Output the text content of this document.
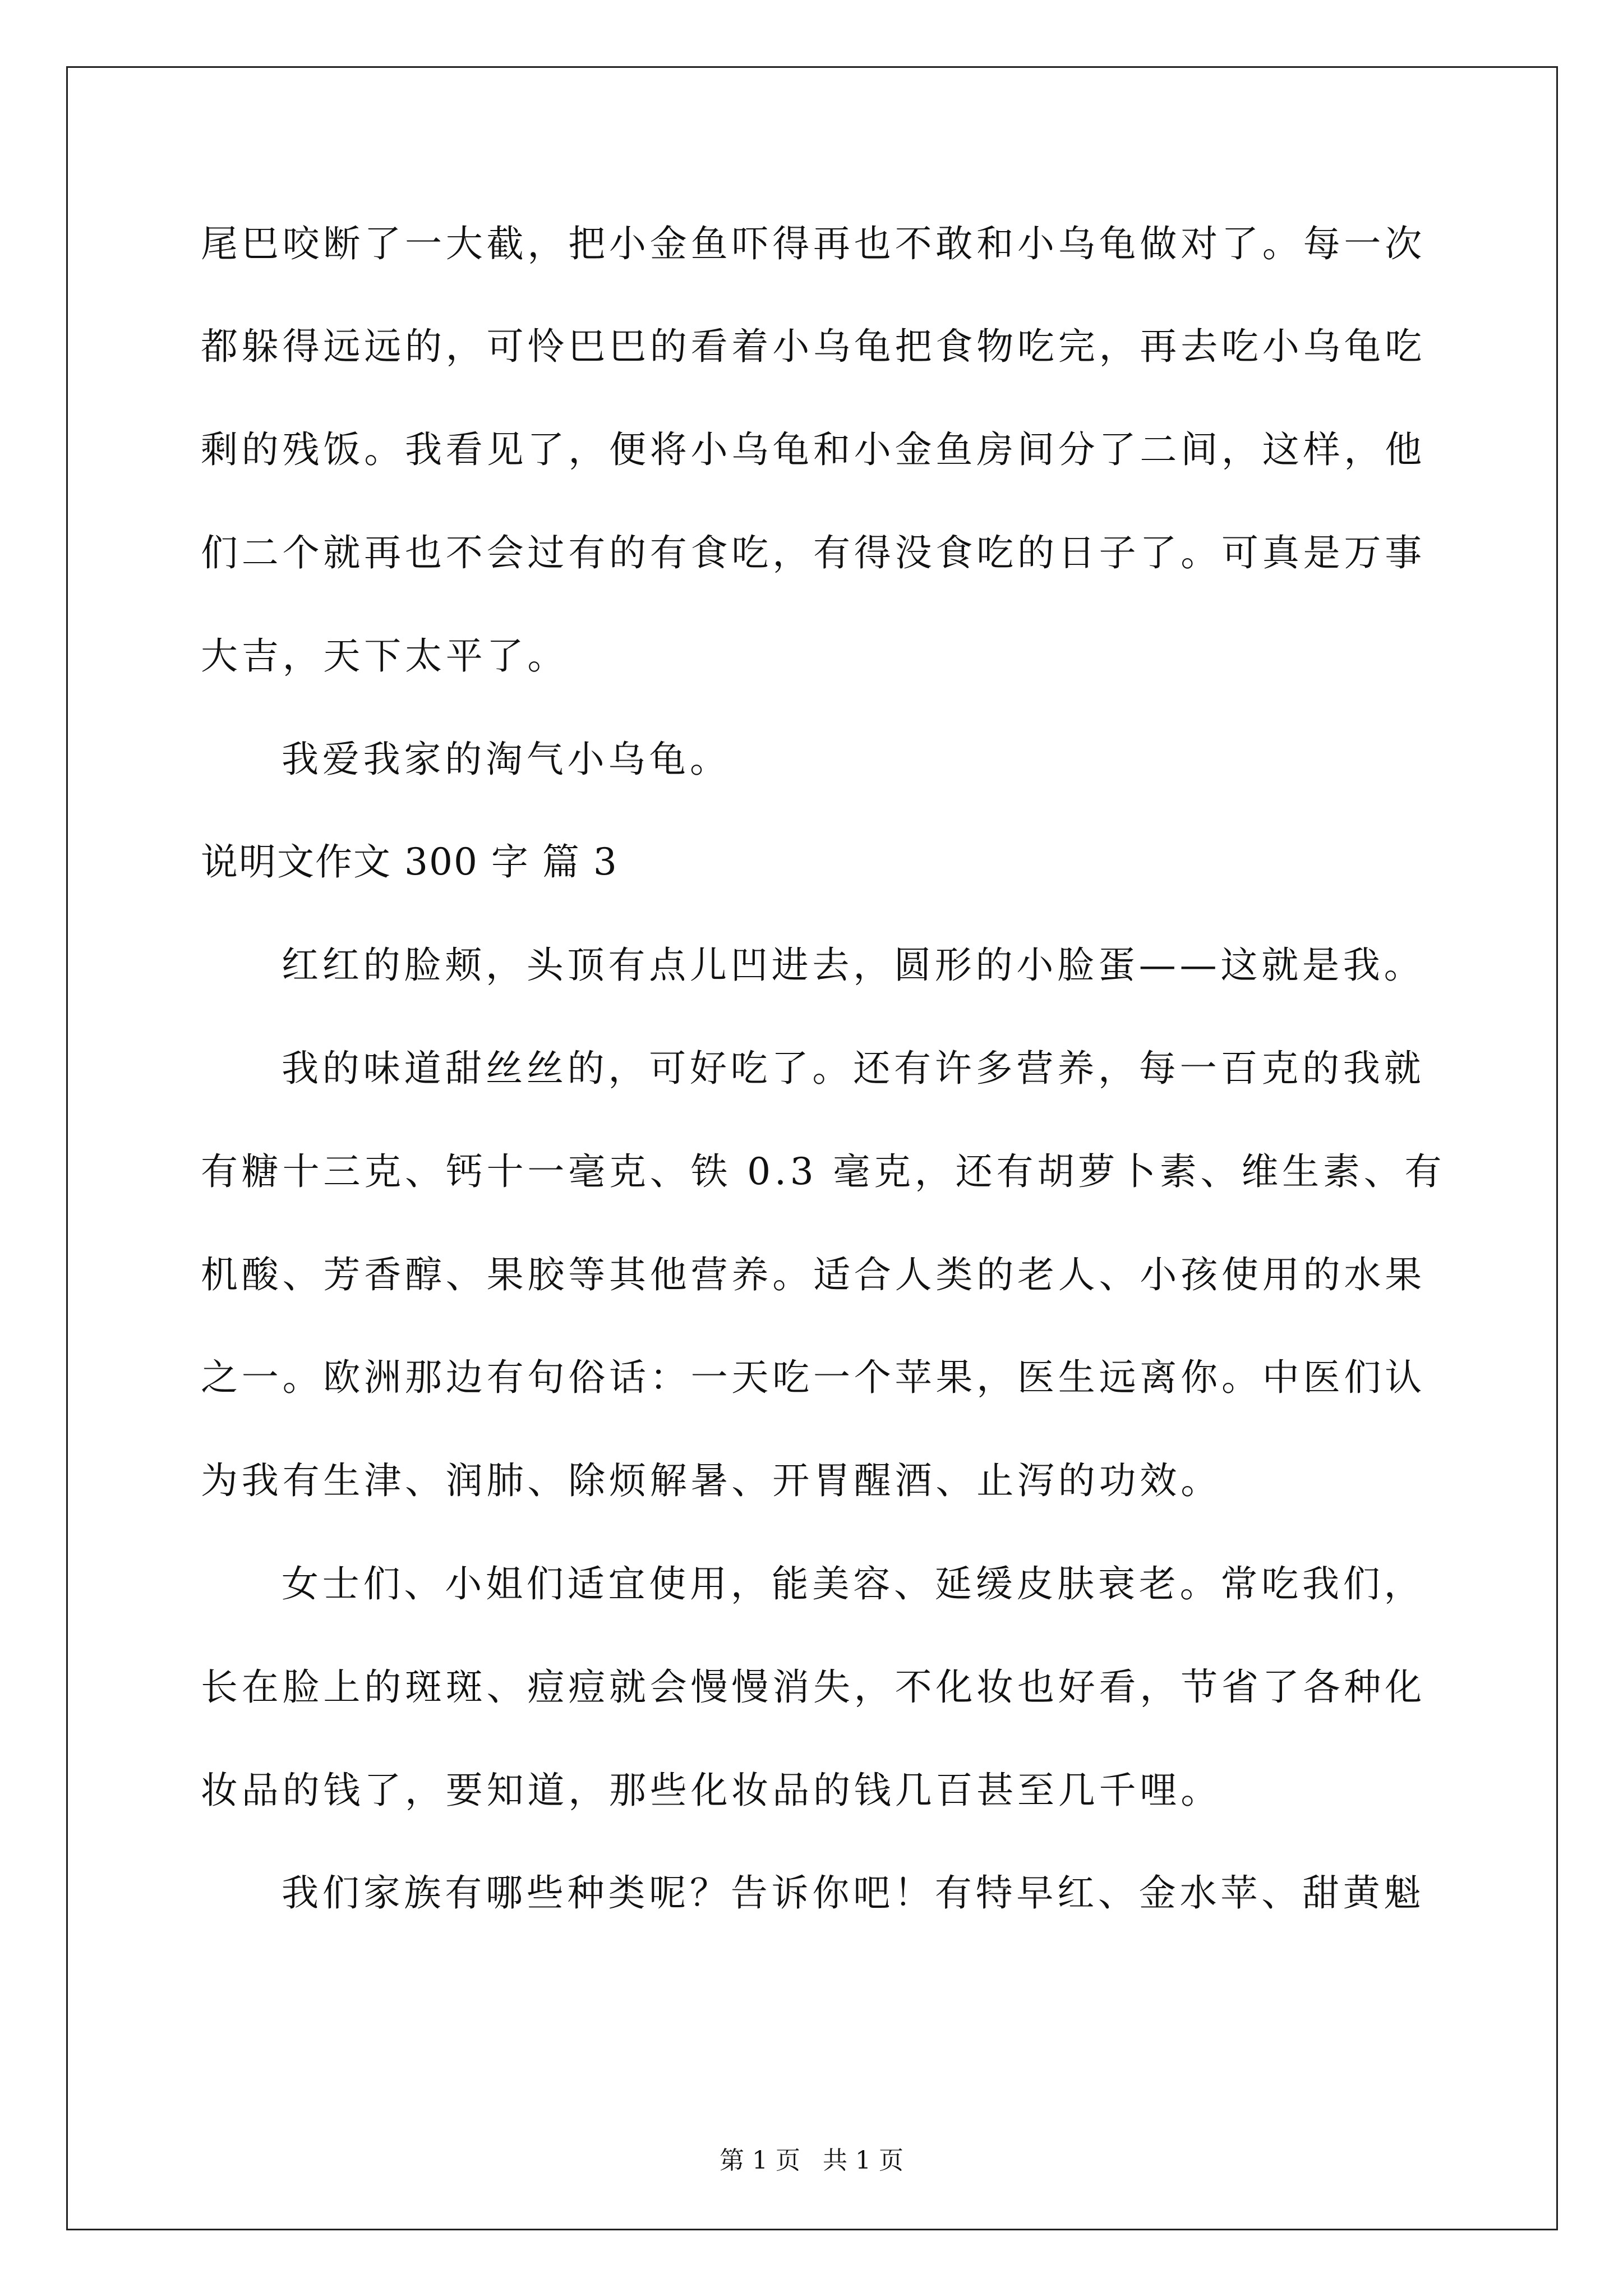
尾巴咬断了一大截，把小金鱼吓得再也不敢和小乌龟做对了。每一次
都躲得远远的，可怜巴巴的看着小乌龟把食物吃完，再去吃小乌龟吃
剩的残饭。我看见了，便将小乌龟和小金鱼房间分了二间，这样，他
们二个就再也不会过有的有食吃，有得没食吃的日子了。可真是万事
大吉，天下太平了。
我爱我家的淘气小乌龟。
说明文作文 300 字 篇 3
红红的脸颊，头顶有点儿凹进去，圆形的小脸蛋——这就是我。
我的味道甜丝丝的，可好吃了。还有许多营养，每一百克的我就
有糖十三克、钙十一毫克、铁 0.3 毫克，还有胡萝卜素、维生素、有
机酸、芳香醇、果胶等其他营养。适合人类的老人、小孩使用的水果
之一。欧洲那边有句俗话：一天吃一个苹果，医生远离你。中医们认
为我有生津、润肺、除烦解暑、开胃醒酒、止泻的功效。
女士们、小姐们适宜使用，能美容、延缓皮肤衰老。常吃我们，
长在脸上的斑斑、痘痘就会慢慢消失，不化妆也好看，节省了各种化
妆品的钱了，要知道，那些化妆品的钱几百甚至几千哩。
我们家族有哪些种类呢？告诉你吧！有特早红、金水苹、甜黄魁
第 1 页 共 1 页
